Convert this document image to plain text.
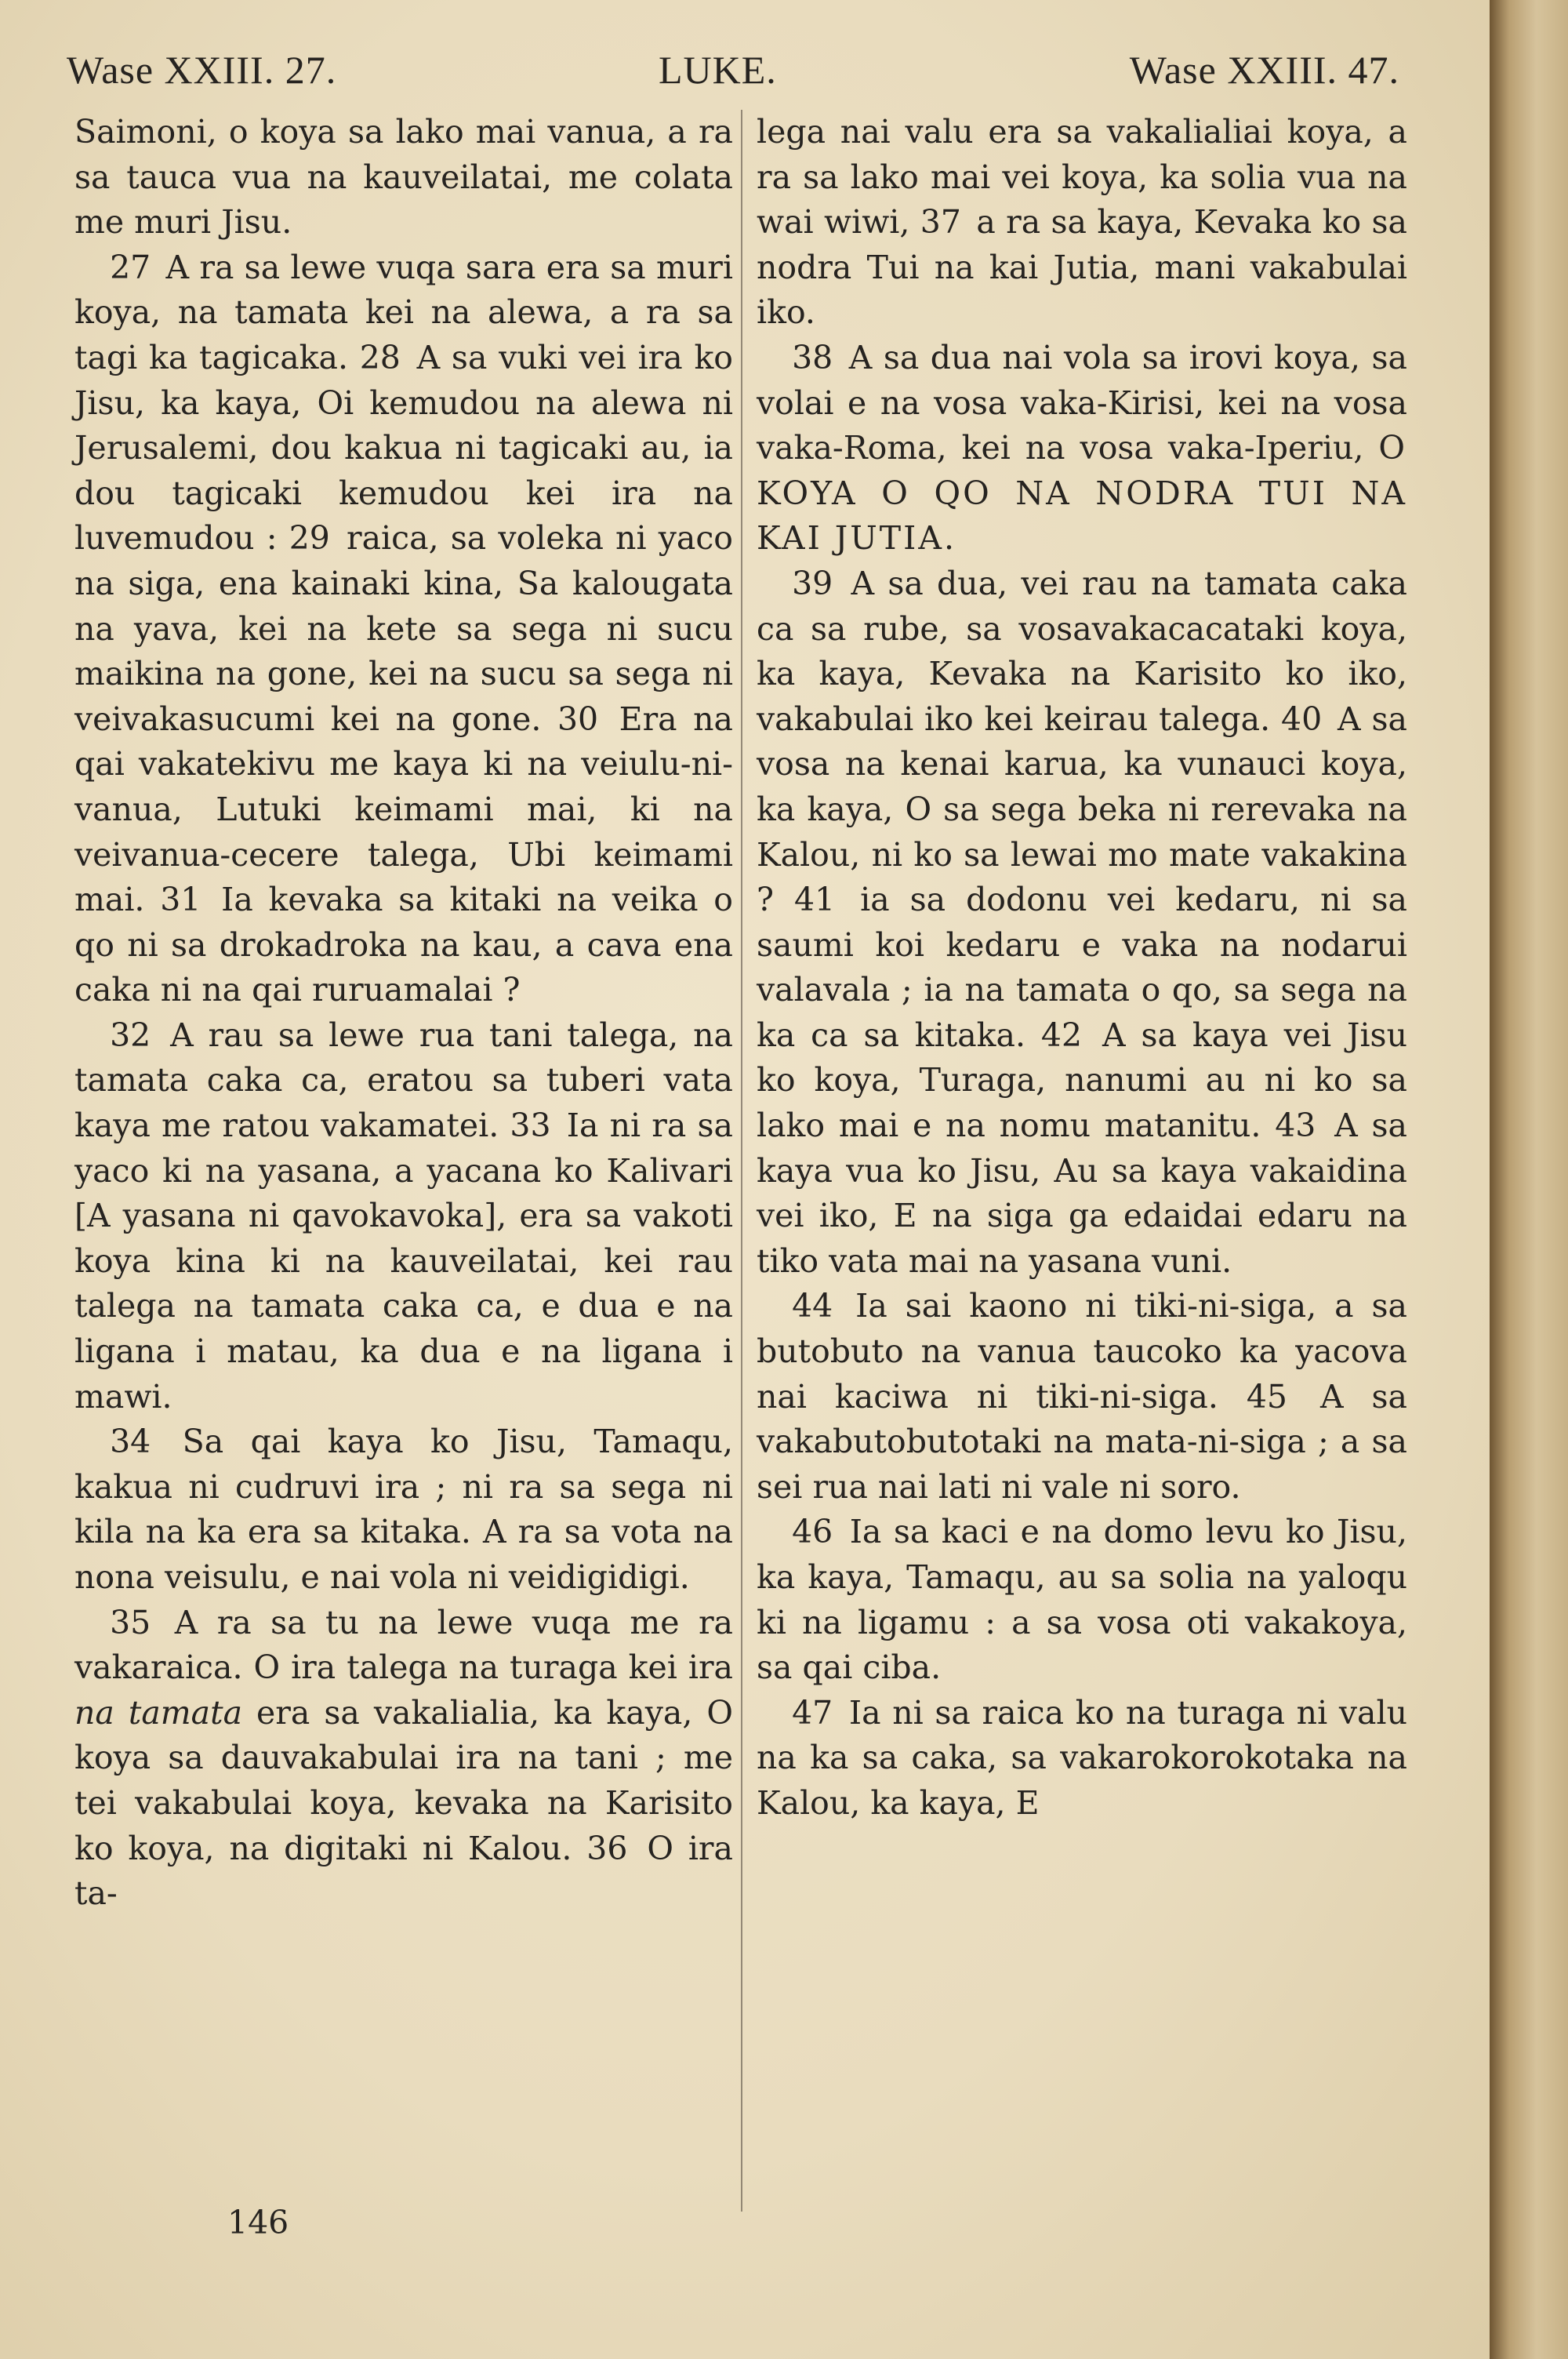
Wase XXIII. 27.	LUKE.	Wase XXIII. 47.

Saimoni, o koya sa lako mai vanua, a ra sa tauca vua na kauveilatai, me colata me muri Jisu.

27 A ra sa lewe vuqa sara era sa muri koya, na tamata kei na alewa, a ra sa tagi ka tagicaka. 28 A sa vuki vei ira ko Jisu, ka kaya, Oi kemudou na alewa ni Jerusalemi, dou kakua ni tagicaki au, ia dou tagicaki kemudou kei ira na luvemudou : 29 raica, sa voleka ni yaco na siga, ena kainaki kina, Sa kalougata na yava, kei na kete sa sega ni sucu maikina na gone, kei na sucu sa sega ni veivakasucumi kei na gone. 30 Era na qai vakatekivu me kaya ki na veiulu-ni-vanua, Lutuki keimami mai, ki na veivanua-cecere talega, Ubi keimami mai. 31 Ia kevaka sa kitaki na veika o qo ni sa drokadroka na kau, a cava ena caka ni na qai ruruamalai ?

32 A rau sa lewe rua tani talega, na tamata caka ca, eratou sa tuberi vata kaya me ratou vakamatei. 33 Ia ni ra sa yaco ki na yasana, a yacana ko Kalivari [A yasana ni qavokavoka], era sa vakoti koya kina ki na kauveilatai, kei rau talega na tamata caka ca, e dua e na ligana i matau, ka dua e na ligana i mawi.

34 Sa qai kaya ko Jisu, Tamaqu, kakua ni cudruvi ira ; ni ra sa sega ni kila na ka era sa kitaka. A ra sa vota na nona veisulu, e nai vola ni veidigidigi.

35 A ra sa tu na lewe vuqa me ra vakaraica. O ira talega na turaga kei ira na tamata era sa vakalialia, ka kaya, O koya sa dauvakabulai ira na tani ; me tei vakabulai koya, kevaka na Karisito ko koya, na digitaki ni Kalou. 36 O ira ta-

lega nai valu era sa vakalialiai koya, a ra sa lako mai vei koya, ka solia vua na wai wiwi, 37 a ra sa kaya, Kevaka ko sa nodra Tui na kai Jutia, mani vakabulai iko.

38 A sa dua nai vola sa irovi koya, sa volai e na vosa vaka-Kirisi, kei na vosa vaka-Roma, kei na vosa vaka-Iperiu, O KOYA O QO NA NODRA TUI NA KAI JUTIA.

39 A sa dua, vei rau na tamata caka ca sa rube, sa vosavakacacataki koya, ka kaya, Kevaka na Karisito ko iko, vakabulai iko kei keirau talega. 40 A sa vosa na kenai karua, ka vunauci koya, ka kaya, O sa sega beka ni rerevaka na Kalou, ni ko sa lewai mo mate vakakina ? 41 ia sa dodonu vei kedaru, ni sa saumi koi kedaru e vaka na nodarui valavala ; ia na tamata o qo, sa sega na ka ca sa kitaka. 42 A sa kaya vei Jisu ko koya, Turaga, nanumi au ni ko sa lako mai e na nomu matanitu. 43 A sa kaya vua ko Jisu, Au sa kaya vakaidina vei iko, E na siga ga edaidai edaru na tiko vata mai na yasana vuni.

44 Ia sai kaono ni tiki-ni-siga, a sa butobuto na vanua taucoko ka yacova nai kaciwa ni tiki-ni-siga. 45 A sa vakabutobutotaki na mata-ni-siga ; a sa sei rua nai lati ni vale ni soro.

46 Ia sa kaci e na domo levu ko Jisu, ka kaya, Tamaqu, au sa solia na yaloqu ki na ligamu : a sa vosa oti vakakoya, sa qai ciba.

47 Ia ni sa raica ko na turaga ni valu na ka sa caka, sa vakarokorokotaka na Kalou, ka kaya, E

146
